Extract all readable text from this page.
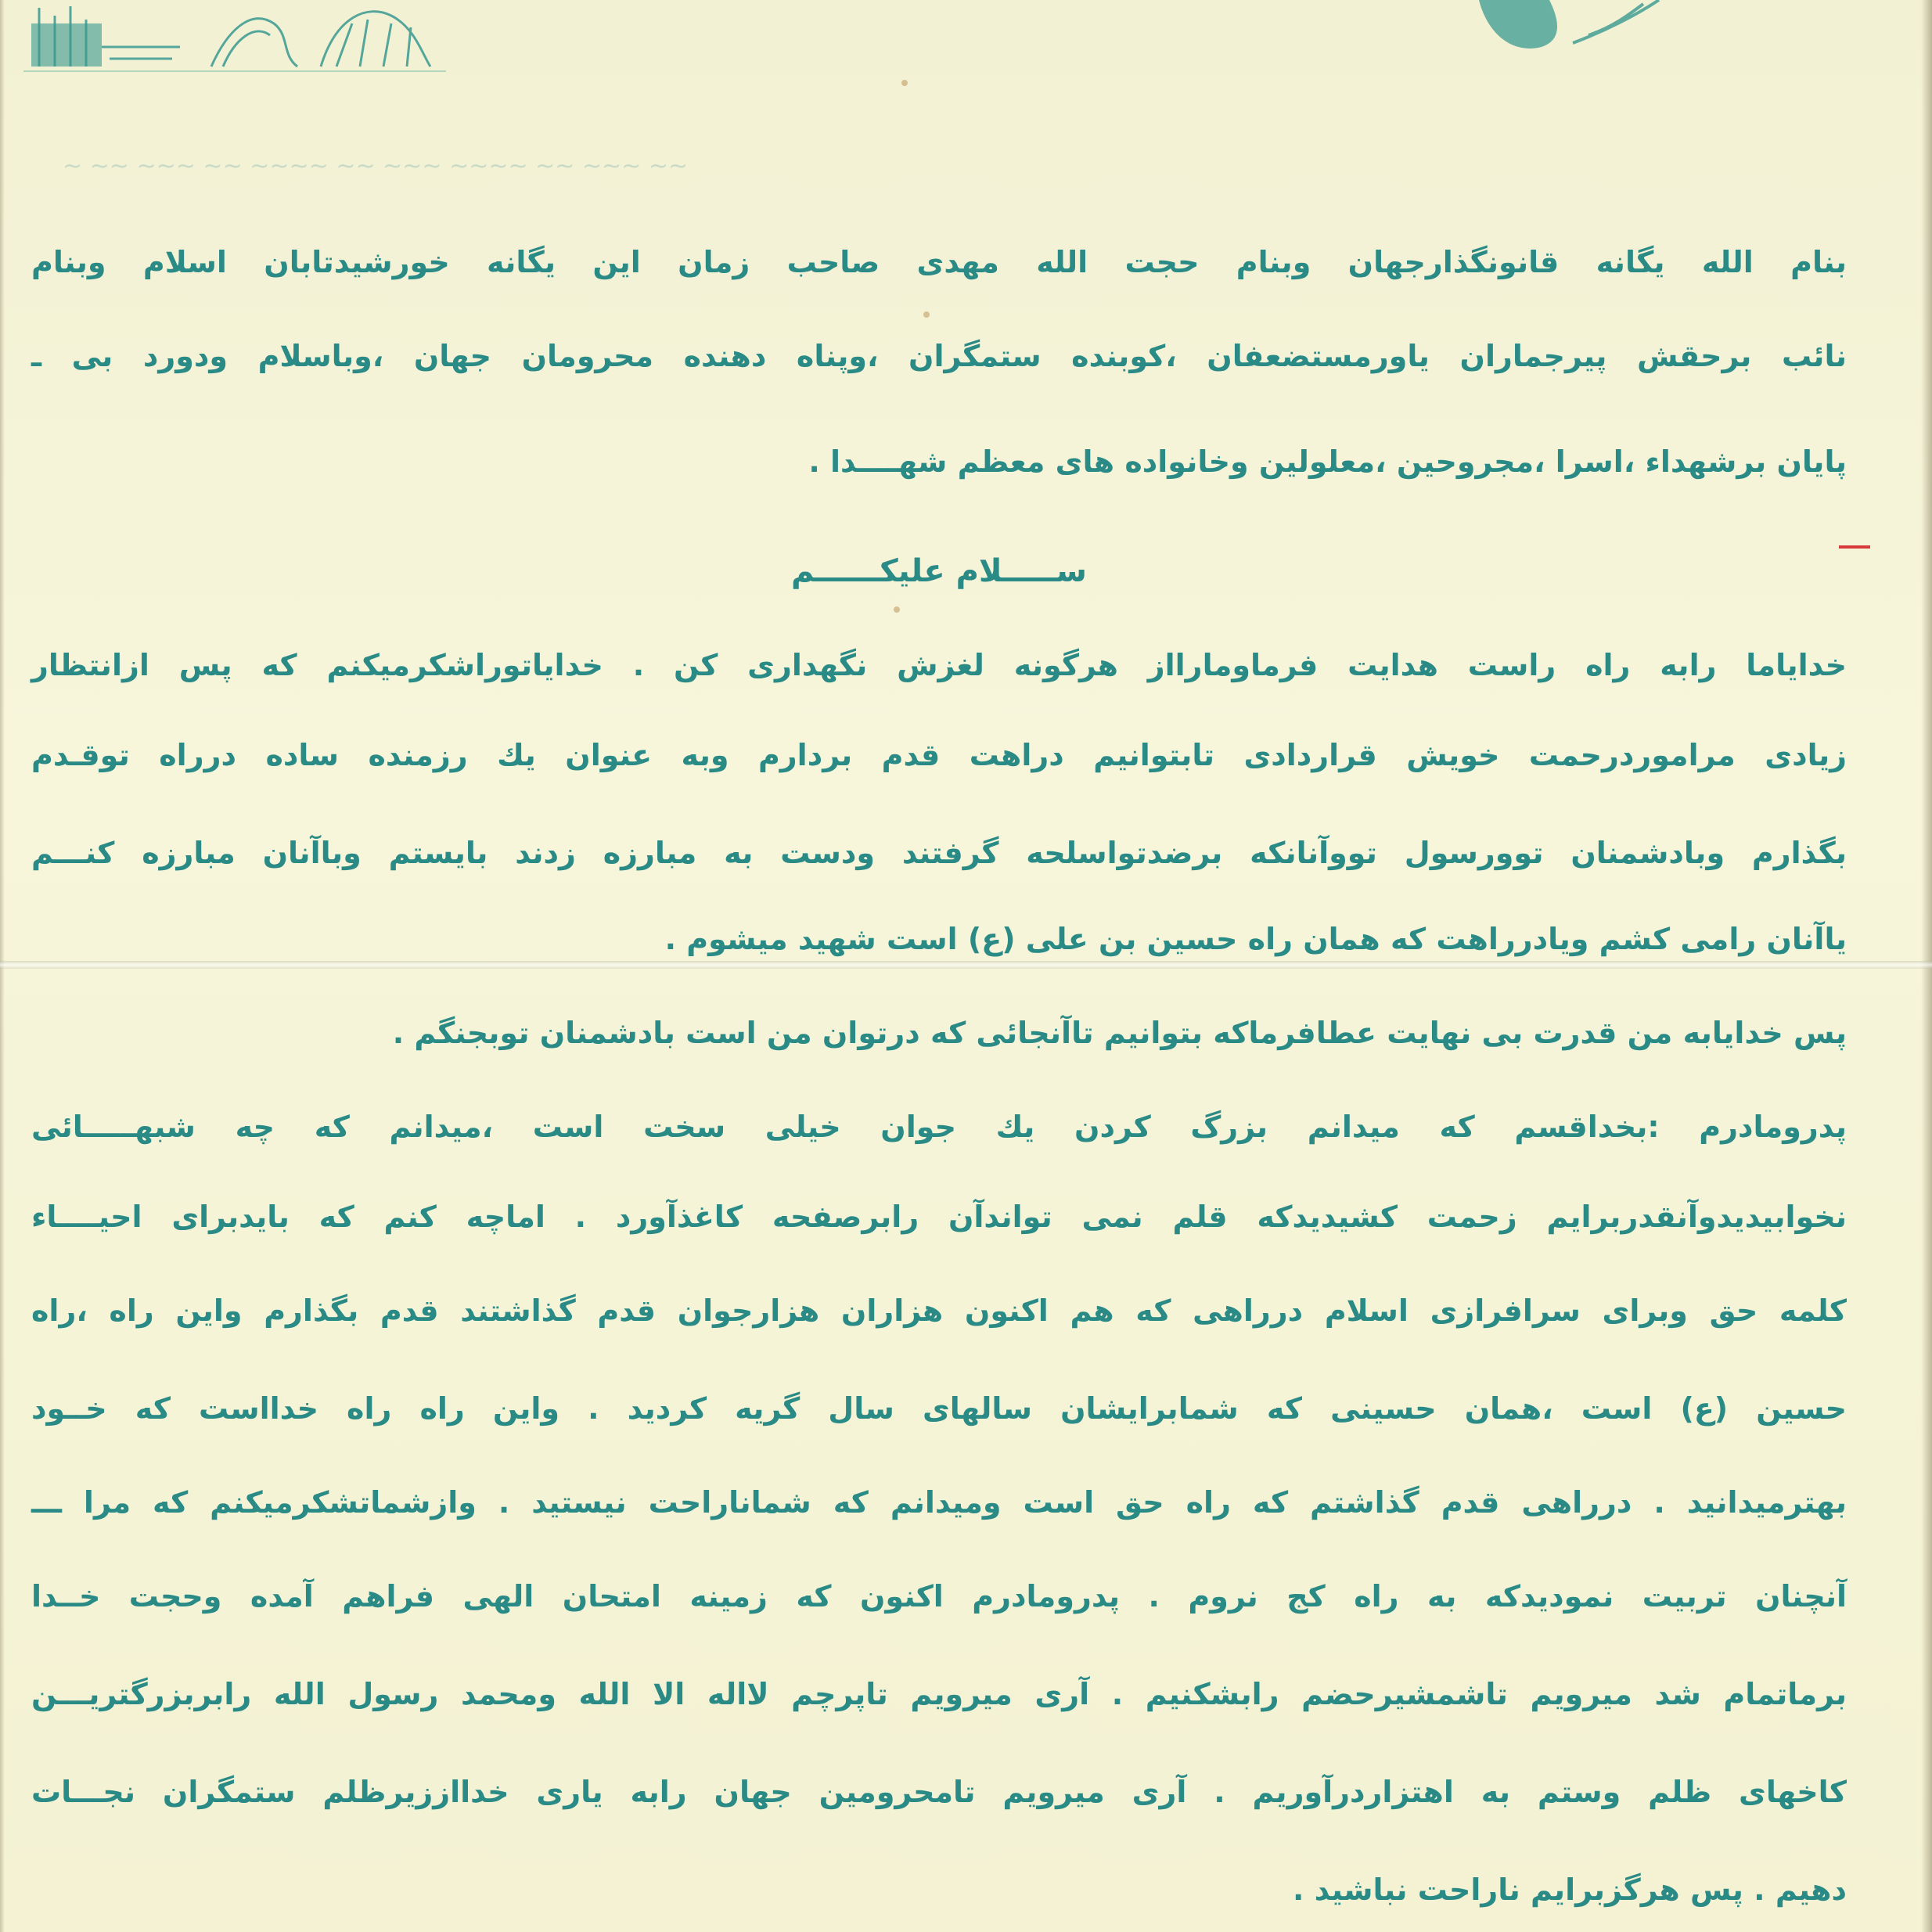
~ ~~ ~~~ ~~ ~~~~ ~~ ~~~ ~~~~ ~~ ~~~ ~~
بنام الله یگانه قانونگذارجهان وبنام حجت الله مهدی صاحب زمان این یگانه خورشیدتابان اسلام وبنام
نائب برحقش پیرجماران یاورمستضعفان ،کوبنده ستمگران ،وپناه دهنده محرومان جهان ،وباسلام ودورد بی ـ
پایان برشهداء ،اسرا ،مجروحین ،معلولین وخانواده های معظم شهــــدا .
ســـــلام علیکــــــم
خدایاما رابه راه راست هدایت فرماومارااز هرگونه لغزش نگهداری کن . خدایاتوراشکرمیکنم که پس ازانتظار
زیادی مراموردرحمت خویش قراردادی تابتوانیم دراهت قدم بردارم وبه عنوان یك رزمنده ساده درراه توقـدم
بگذارم وبادشمنان توورسول تووآنانکه برضدتواسلحه گرفتند ودست به مبارزه زدند بایستم وباآنان مبارزه کنـــم
یاآنان رامی کشم ویادرراهت که همان راه حسین بن علی (ع) است شهید میشوم .
پس خدایابه من قدرت بی نهایت عطافرماکه بتوانیم تاآنجائی که درتوان من است بادشمنان توبجنگم .
پدرومادرم :بخداقسم که میدانم بزرگ کردن یك جوان خیلی سخت است ،میدانم که چه شبهـــــائی
نخوابیدیدوآنقدربرایم زحمت کشیدیدکه قلم نمی تواندآن رابرصفحه کاغذآورد . اماچه کنم که بایدبرای احیــــاء
کلمه حق وبرای سرافرازی اسلام درراهی که هم اکنون هزاران هزارجوان قدم گذاشتند قدم بگذارم واین راه ،راه
حسین (ع) است ،همان حسینی که شمابرایشان سالهای سال گریه کردید . واین راه راه خدااست که خــود
بهترمیدانید . درراهی قدم گذاشتم که راه حق است ومیدانم که شماناراحت نیستید . وازشماتشکرمیکنم که مرا ـــ
آنچنان تربیت نمودیدکه به راه کج نروم . پدرومادرم اکنون که زمینه امتحان الهی فراهم آمده وحجت خــدا
برماتمام شد میرویم تاشمشیرحضم رابشکنیم . آری میرویم تاپرچم لااله الا الله ومحمد رسول الله رابربزرگتریـــن
کاخهای ظلم وستم به اهتزاردرآوریم . آری میرویم تامحرومین جهان رابه یاری خدااززیرظلم ستمگران نجـــات
دهیم . پس هرگزبرایم ناراحت نباشید .
